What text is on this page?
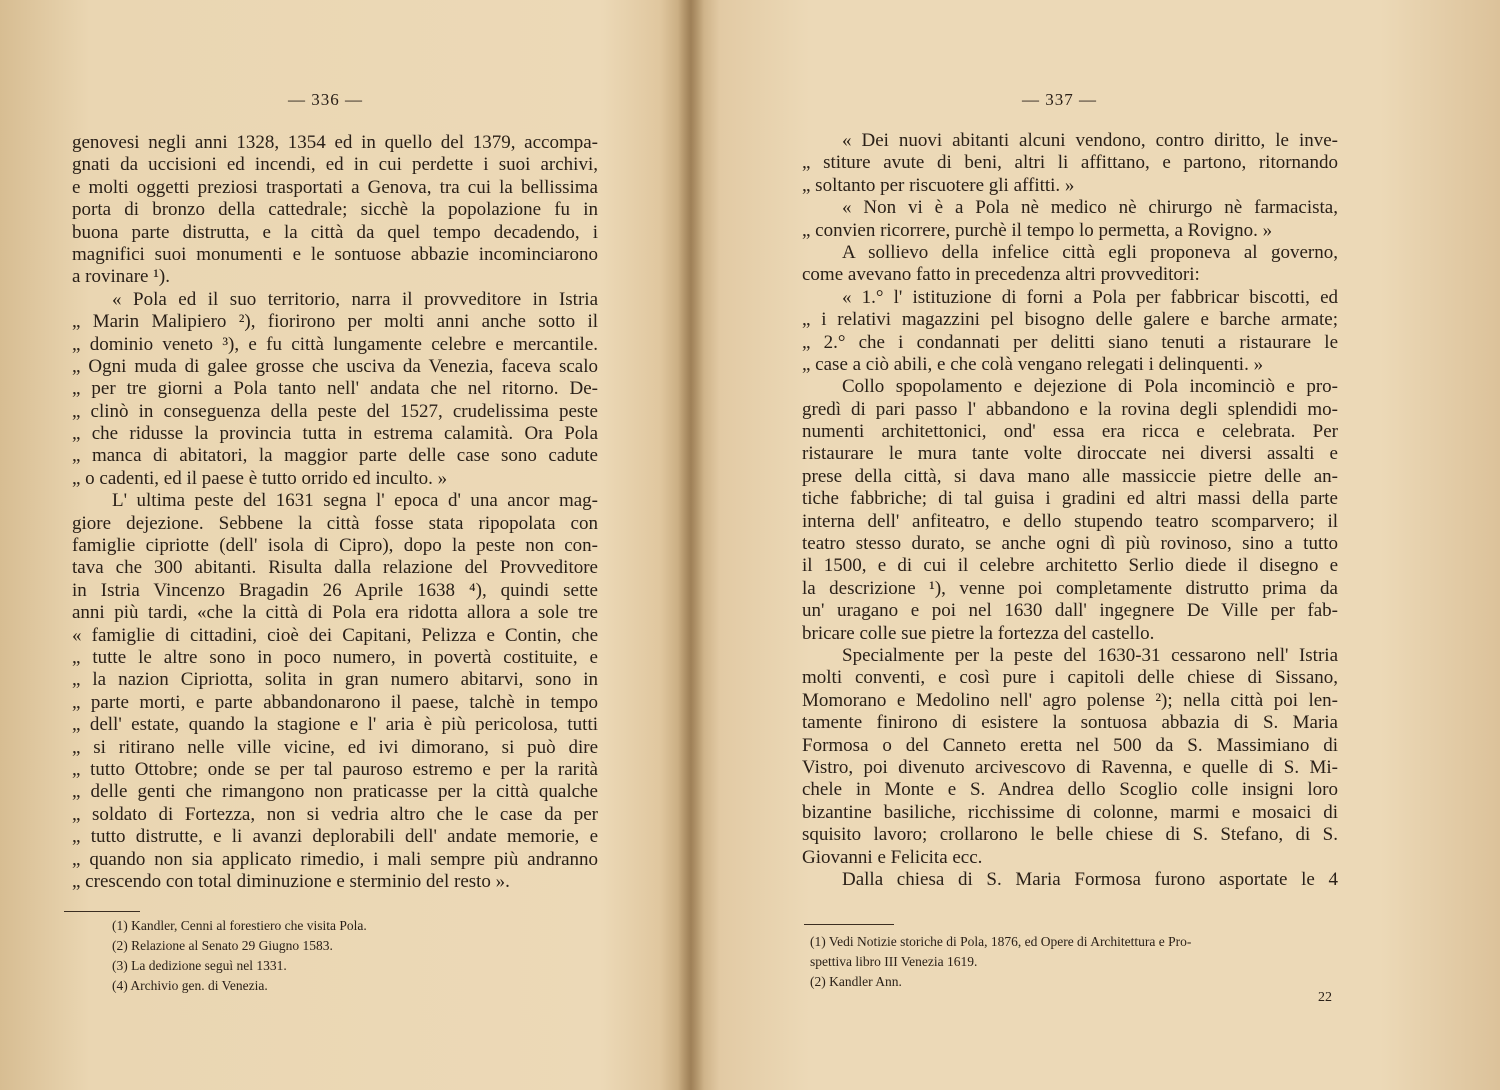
— 336 —
genovesi negli anni 1328, 1354 ed in quello del 1379, accompa-
gnati da uccisioni ed incendi, ed in cui perdette i suoi archivi,
e molti oggetti preziosi trasportati a Genova, tra cui la bellissima
porta di bronzo della cattedrale; sicchè la popolazione fu in
buona parte distrutta, e la città da quel tempo decadendo, i
magnifici suoi monumenti e le sontuose abbazie incominciarono
a rovinare ¹).
« Pola ed il suo territorio, narra il provveditore in Istria
„ Marin Malipiero ²), fiorirono per molti anni anche sotto il
„ dominio veneto ³), e fu città lungamente celebre e mercantile.
„ Ogni muda di galee grosse che usciva da Venezia, faceva scalo
„ per tre giorni a Pola tanto nell' andata che nel ritorno. De-
„ clinò in conseguenza della peste del 1527, crudelissima peste
„ che ridusse la provincia tutta in estrema calamità. Ora Pola
„ manca di abitatori, la maggior parte delle case sono cadute
„ o cadenti, ed il paese è tutto orrido ed inculto. »
L' ultima peste del 1631 segna l' epoca d' una ancor mag-
giore dejezione. Sebbene la città fosse stata ripopolata con
famiglie cipriotte (dell' isola di Cipro), dopo la peste non con-
tava che 300 abitanti. Risulta dalla relazione del Provveditore
in Istria Vincenzo Bragadin 26 Aprile 1638 ⁴), quindi sette
anni più tardi, «che la città di Pola era ridotta allora a sole tre
« famiglie di cittadini, cioè dei Capitani, Pelizza e Contin, che
„ tutte le altre sono in poco numero, in povertà costituite, e
„ la nazion Cipriotta, solita in gran numero abitarvi, sono in
„ parte morti, e parte abbandonarono il paese, talchè in tempo
„ dell' estate, quando la stagione e l' aria è più pericolosa, tutti
„ si ritirano nelle ville vicine, ed ivi dimorano, si può dire
„ tutto Ottobre; onde se per tal pauroso estremo e per la rarità
„ delle genti che rimangono non praticasse per la città qualche
„ soldato di Fortezza, non si vedria altro che le case da per
„ tutto distrutte, e li avanzi deplorabili dell' andate memorie, e
„ quando non sia applicato rimedio, i mali sempre più andranno
„ crescendo con total diminuzione e sterminio del resto ».
(1) Kandler, Cenni al forestiero che visita Pola.
(2) Relazione al Senato 29 Giugno 1583.
(3) La dedizione seguì nel 1331.
(4) Archivio gen. di Venezia.
— 337 —
« Dei nuovi abitanti alcuni vendono, contro diritto, le inve-
„ stiture avute di beni, altri li affittano, e partono, ritornando
„ soltanto per riscuotere gli affitti. »
« Non vi è a Pola nè medico nè chirurgo nè farmacista,
„ convien ricorrere, purchè il tempo lo permetta, a Rovigno. »
A sollievo della infelice città egli proponeva al governo,
come avevano fatto in precedenza altri provveditori:
« 1.° l' istituzione di forni a Pola per fabbricar biscotti, ed
„ i relativi magazzini pel bisogno delle galere e barche armate;
„ 2.° che i condannati per delitti siano tenuti a ristaurare le
„ case a ciò abili, e che colà vengano relegati i delinquenti. »
Collo spopolamento e dejezione di Pola incominciò e pro-
gredì di pari passo l' abbandono e la rovina degli splendidi mo-
numenti architettonici, ond' essa era ricca e celebrata. Per
ristaurare le mura tante volte diroccate nei diversi assalti e
prese della città, si dava mano alle massiccie pietre delle an-
tiche fabbriche; di tal guisa i gradini ed altri massi della parte
interna dell' anfiteatro, e dello stupendo teatro scomparvero; il
teatro stesso durato, se anche ogni dì più rovinoso, sino a tutto
il 1500, e di cui il celebre architetto Serlio diede il disegno e
la descrizione ¹), venne poi completamente distrutto prima da
un' uragano e poi nel 1630 dall' ingegnere De Ville per fab-
bricare colle sue pietre la fortezza del castello.
Specialmente per la peste del 1630-31 cessarono nell' Istria
molti conventi, e così pure i capitoli delle chiese di Sissano,
Momorano e Medolino nell' agro polense ²); nella città poi len-
tamente finirono di esistere la sontuosa abbazia di S. Maria
Formosa o del Canneto eretta nel 500 da S. Massimiano di
Vistro, poi divenuto arcivescovo di Ravenna, e quelle di S. Mi-
chele in Monte e S. Andrea dello Scoglio colle insigni loro
bizantine basiliche, ricchissime di colonne, marmi e mosaici di
squisito lavoro; crollarono le belle chiese di S. Stefano, di S.
Giovanni e Felicita ecc.
Dalla chiesa di S. Maria Formosa furono asportate le 4
(1) Vedi Notizie storiche di Pola, 1876, ed Opere di Architettura e Pro-
spettiva libro III Venezia 1619.
(2) Kandler Ann.
22
